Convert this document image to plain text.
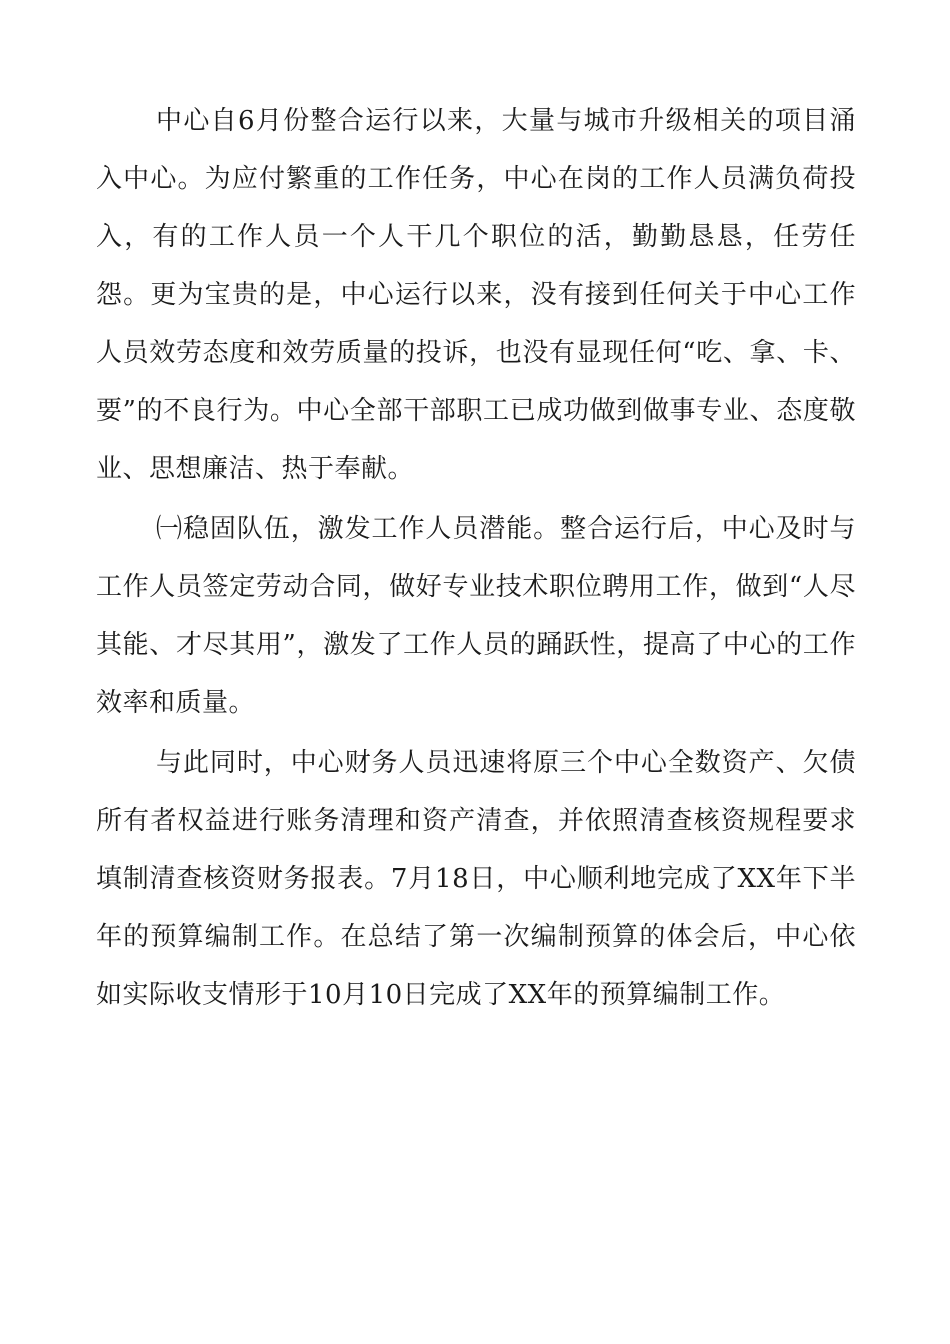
中心自6月份整合运行以来，大量与城市升级相关的项目涌入中心。为应付繁重的工作任务，中心在岗的工作人员满负荷投入，有的工作人员一个人干几个职位的活，勤勤恳恳，任劳任怨。更为宝贵的是，中心运行以来，没有接到任何关于中心工作人员效劳态度和效劳质量的投诉，也没有显现任何“吃、拿、卡、要”的不良行为。中心全部干部职工已成功做到做事专业、态度敬业、思想廉洁、热于奉献。

㈠稳固队伍，激发工作人员潜能。整合运行后，中心及时与工作人员签定劳动合同，做好专业技术职位聘用工作，做到“人尽其能、才尽其用”，激发了工作人员的踊跃性，提高了中心的工作效率和质量。

与此同时，中心财务人员迅速将原三个中心全数资产、欠债所有者权益进行账务清理和资产清查，并依照清查核资规程要求填制清查核资财务报表。7月18日，中心顺利地完成了XX年下半年的预算编制工作。在总结了第一次编制预算的体会后，中心依如实际收支情形于10月10日完成了XX年的预算编制工作。
